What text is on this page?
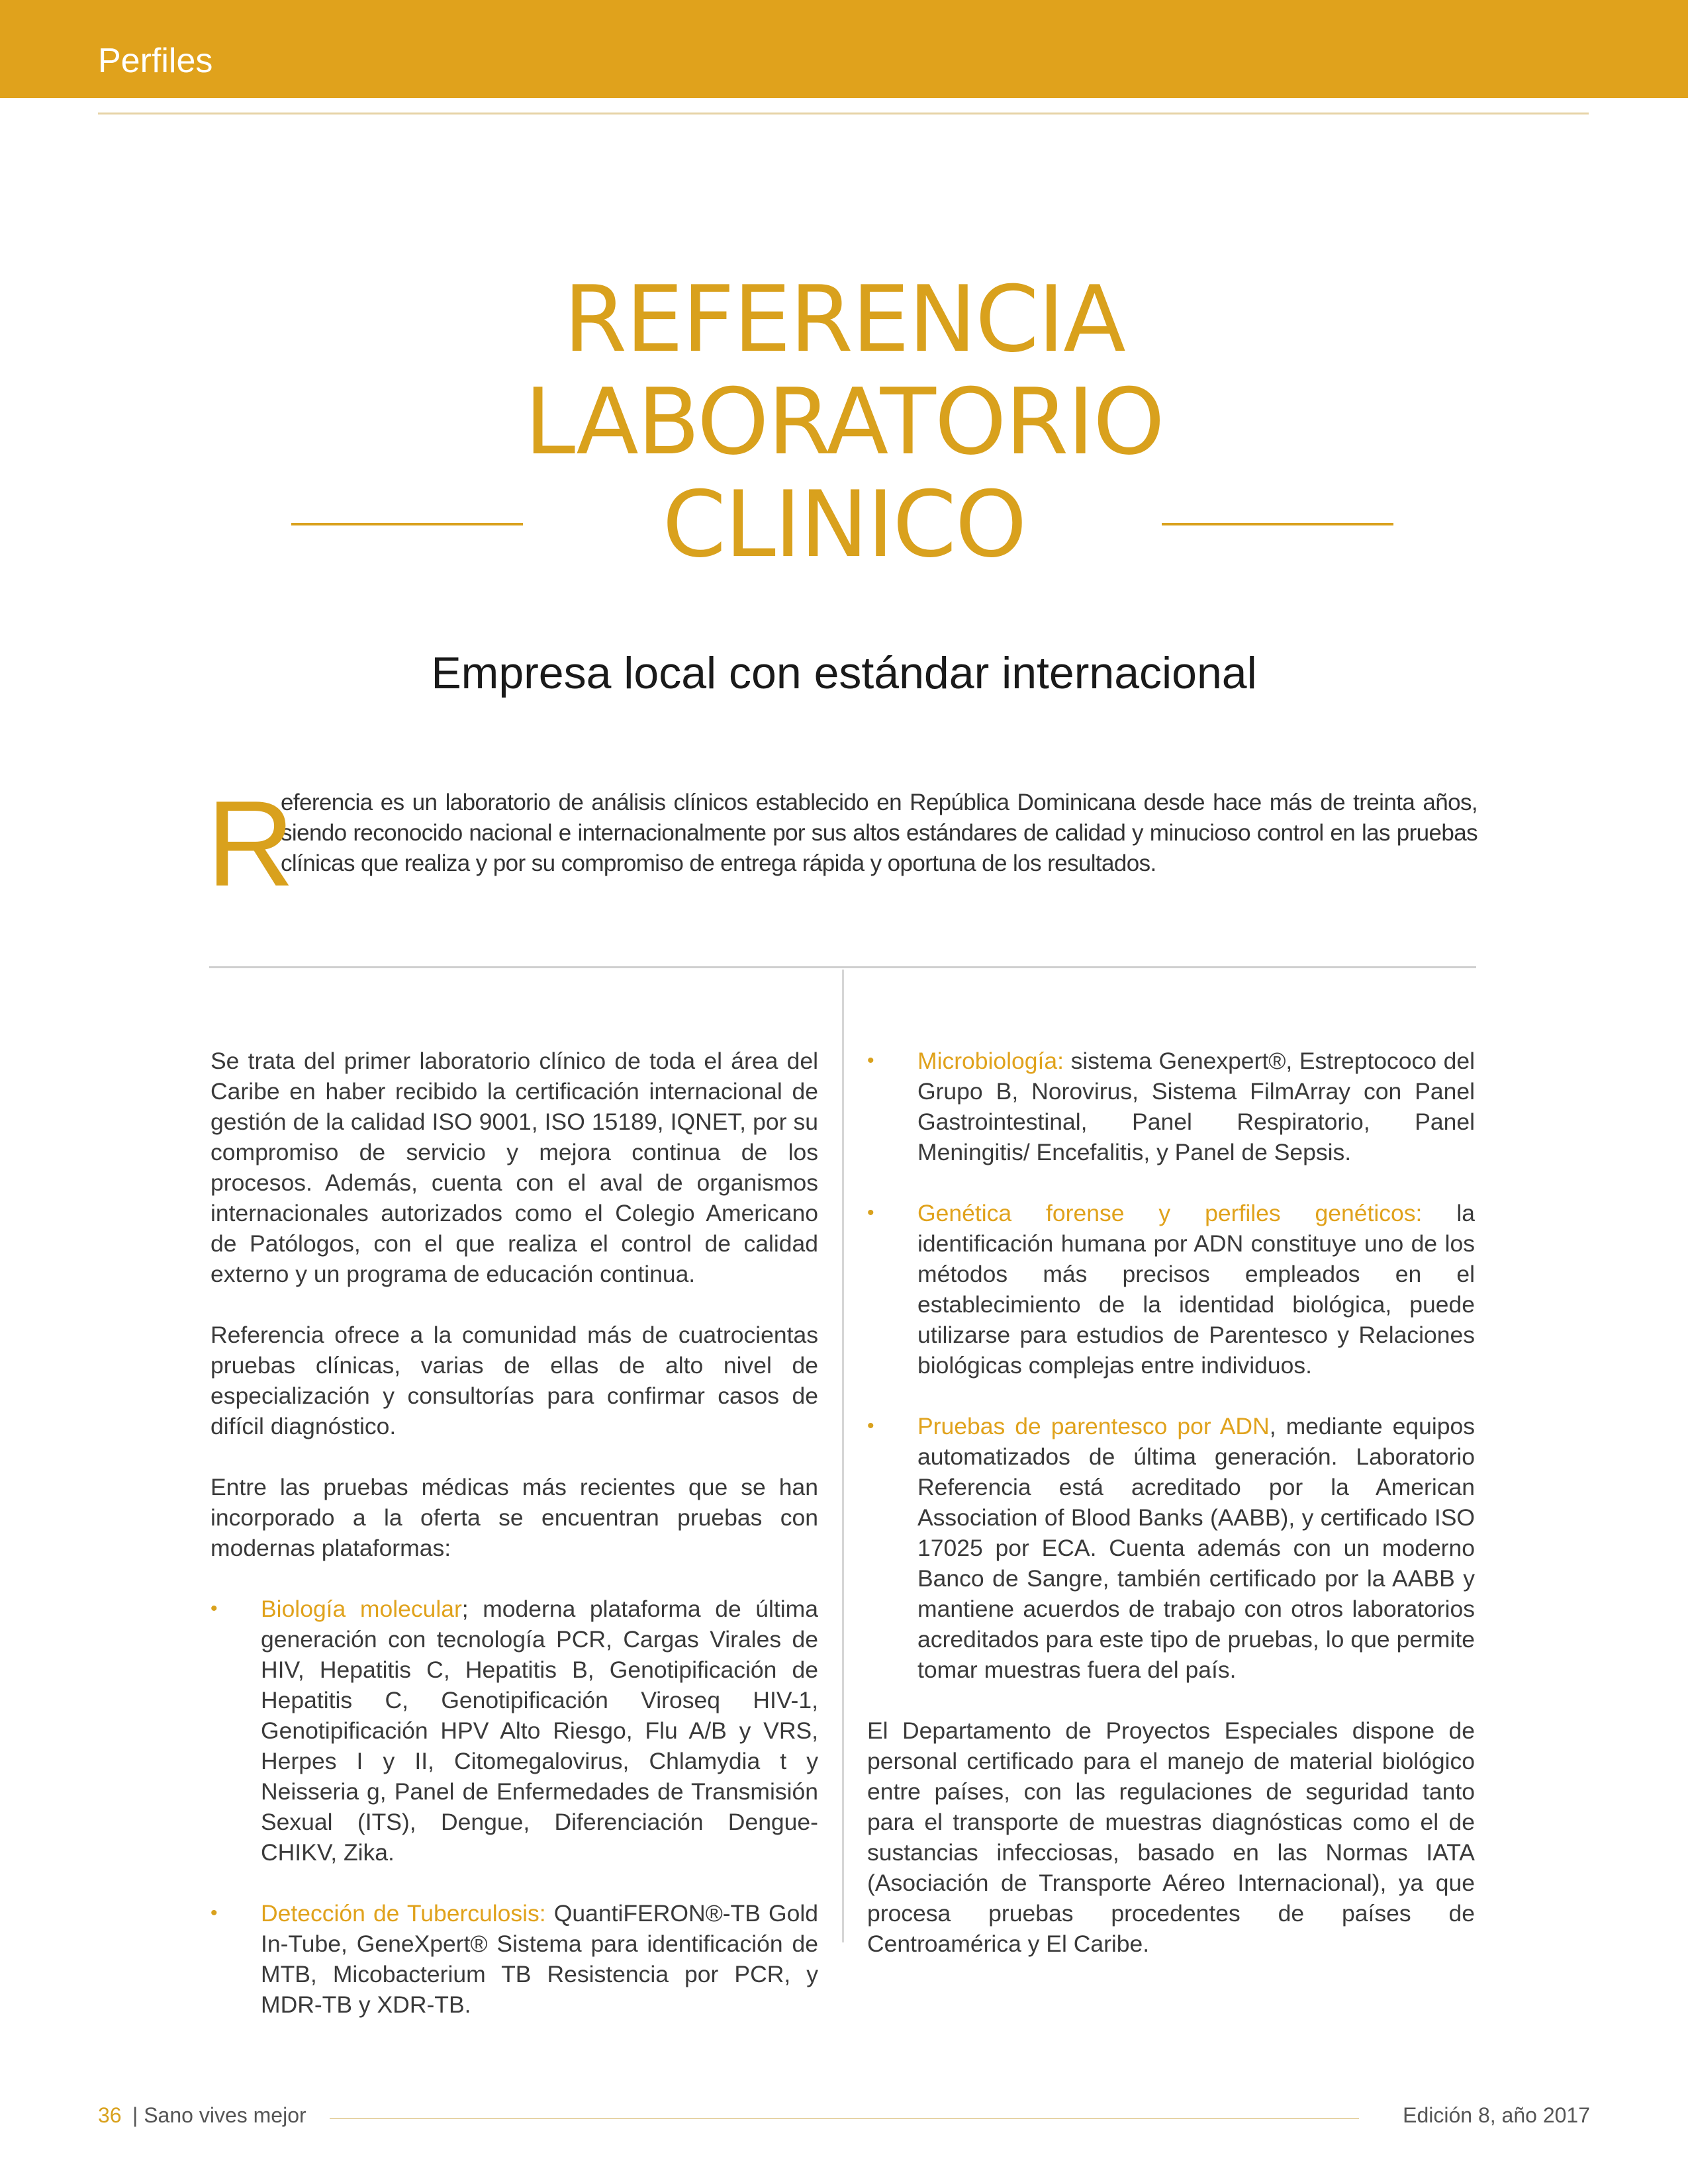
Perfiles
REFERENCIA
LABORATORIO
CLINICO
Empresa local con estándar internacional
R
eferencia es un laboratorio de análisis clínicos establecido en República Dominicana desde hace más de treinta años, siendo reconocido nacional e internacionalmente por sus altos estándares de calidad y minucioso control en las pruebas clínicas que realiza y por su compromiso de entrega rápida y oportuna de los resultados.

Se trata del primer laboratorio clínico de toda el área del Caribe en haber recibido la certificación internacional de gestión de la calidad ISO 9001, ISO 15189, IQNET, por su compromiso de servicio y mejora continua de los procesos. Además, cuenta con el aval de organismos internacionales autorizados como el Colegio Americano de Patólogos, con el que realiza el control de calidad externo y un programa de educación continua.

Referencia ofrece a la comunidad más de cuatrocientas pruebas clínicas, varias de ellas de alto nivel de especialización y consultorías para confirmar casos de difícil diagnóstico.

Entre las pruebas médicas más recientes que se han incorporado a la oferta se encuentran pruebas con modernas plataformas:

• Biología molecular; moderna plataforma de última generación con tecnología PCR, Cargas Virales de HIV, Hepatitis C, Hepatitis B, Genotipificación de Hepatitis C, Genotipificación Viroseq HIV-1, Genotipificación HPV Alto Riesgo, Flu A/B y VRS, Herpes I y II, Citomegalovirus, Chlamydia t y Neisseria g, Panel de Enfermedades de Transmisión Sexual (ITS), Dengue, Diferenciación Dengue-CHIKV, Zika.
• Detección de Tuberculosis: QuantiFERON®-TB Gold In-Tube, GeneXpert® Sistema para identificación de MTB, Micobacterium TB Resistencia por PCR, y MDR-TB y XDR-TB.
• Microbiología: sistema Genexpert®, Estreptococo del Grupo B, Norovirus, Sistema FilmArray con Panel Gastrointestinal, Panel Respiratorio, Panel Meningitis/ Encefalitis, y Panel de Sepsis.
• Genética forense y perfiles genéticos: la identificación humana por ADN constituye uno de los métodos más precisos empleados en el establecimiento de la identidad biológica, puede utilizarse para estudios de Parentesco y Relaciones biológicas complejas entre individuos.
• Pruebas de parentesco por ADN, mediante equipos automatizados de última generación. Laboratorio Referencia está acreditado por la American Association of Blood Banks (AABB), y certificado ISO 17025 por ECA. Cuenta además con un moderno Banco de Sangre, también certificado por la AABB y mantiene acuerdos de trabajo con otros laboratorios acreditados para este tipo de pruebas, lo que permite tomar muestras fuera del país.

El Departamento de Proyectos Especiales dispone de personal certificado para el manejo de material biológico entre países, con las regulaciones de seguridad tanto para el transporte de muestras diagnósticas como el de sustancias infecciosas, basado en las Normas IATA (Asociación de Transporte Aéreo Internacional), ya que procesa pruebas procedentes de países de Centroamérica y El Caribe.

36 | Sano vives mejor	Edición 8, año 2017
